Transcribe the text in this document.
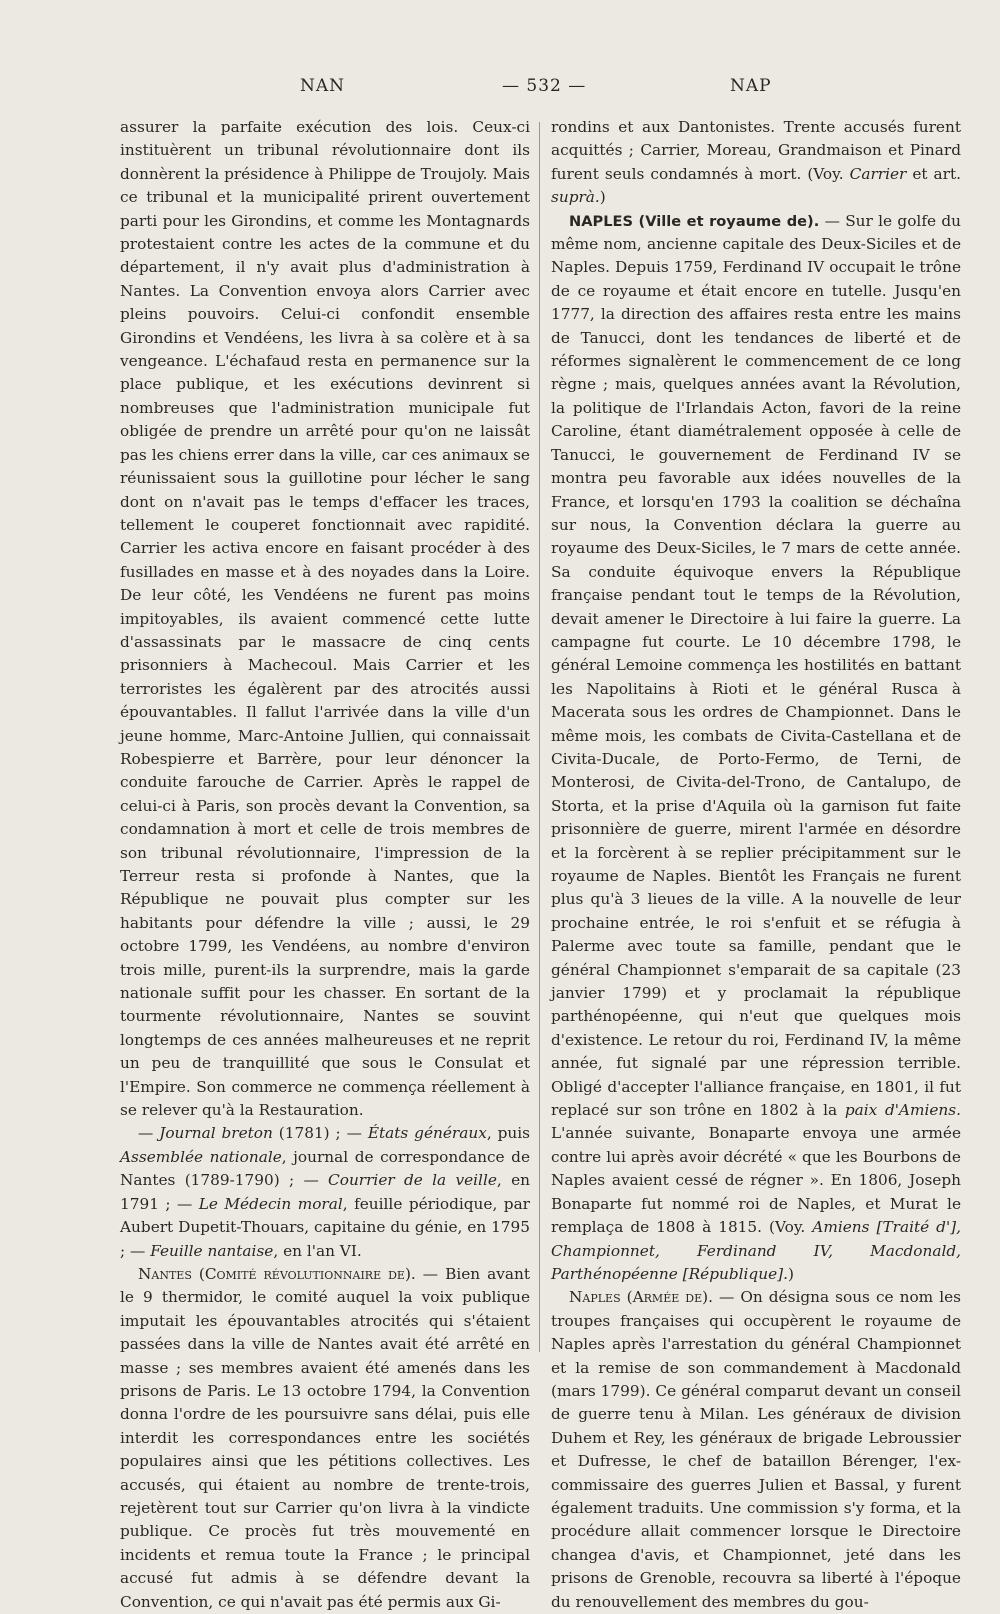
NAN	— 532 —	NAP

assurer la parfaite exécution des lois. Ceux-ci instituèrent un tribunal révolutionnaire dont ils donnèrent la présidence à Philippe de Troujoly. Mais ce tribunal et la municipalité prirent ouvertement parti pour les Girondins, et comme les Montagnards protestaient contre les actes de la commune et du département, il n'y avait plus d'administration à Nantes. La Convention envoya alors Carrier avec pleins pouvoirs. Celui-ci confondit ensemble Girondins et Vendéens, les livra à sa colère et à sa vengeance. L'échafaud resta en permanence sur la place publique, et les exécutions devinrent si nombreuses que l'administration municipale fut obligée de prendre un arrêté pour qu'on ne laissât pas les chiens errer dans la ville, car ces animaux se réunissaient sous la guillotine pour lécher le sang dont on n'avait pas le temps d'effacer les traces, tellement le couperet fonctionnait avec rapidité. Carrier les activa encore en faisant procéder à des fusillades en masse et à des noyades dans la Loire. De leur côté, les Vendéens ne furent pas moins impitoyables, ils avaient commencé cette lutte d'assassinats par le massacre de cinq cents prisonniers à Machecoul. Mais Carrier et les terroristes les égalèrent par des atrocités aussi épouvantables. Il fallut l'arrivée dans la ville d'un jeune homme, Marc-Antoine Jullien, qui connaissait Robespierre et Barrère, pour leur dénoncer la conduite farouche de Carrier. Après le rappel de celui-ci à Paris, son procès devant la Convention, sa condamnation à mort et celle de trois membres de son tribunal révolutionnaire, l'impression de la Terreur resta si profonde à Nantes, que la République ne pouvait plus compter sur les habitants pour défendre la ville ; aussi, le 29 octobre 1799, les Vendéens, au nombre d'environ trois mille, purent-ils la surprendre, mais la garde nationale suffit pour les chasser. En sortant de la tourmente révolutionnaire, Nantes se souvint longtemps de ces années malheureuses et ne reprit un peu de tranquillité que sous le Consulat et l'Empire. Son commerce ne commença réellement à se relever qu'à la Restauration.

— Journal breton (1781) ; — États généraux, puis Assemblée nationale, journal de correspondance de Nantes (1789-1790) ; — Courrier de la veille, en 1791 ; — Le Médecin moral, feuille périodique, par Aubert Dupetit-Thouars, capitaine du génie, en 1795 ; — Feuille nantaise, en l'an VI.

Nantes (Comité révolutionnaire de). — Bien avant le 9 thermidor, le comité auquel la voix publique imputait les épouvantables atrocités qui s'étaient passées dans la ville de Nantes avait été arrêté en masse ; ses membres avaient été amenés dans les prisons de Paris. Le 13 octobre 1794, la Convention donna l'ordre de les poursuivre sans délai, puis elle interdit les correspondances entre les sociétés populaires ainsi que les pétitions collectives. Les accusés, qui étaient au nombre de trente-trois, rejetèrent tout sur Carrier qu'on livra à la vindicte publique. Ce procès fut très mouvementé en incidents et remua toute la France ; le principal accusé fut admis à se défendre devant la Convention, ce qui n'avait pas été permis aux Gi-

rondins et aux Dantonistes. Trente accusés furent acquittés ; Carrier, Moreau, Grandmaison et Pinard furent seuls condamnés à mort. (Voy. Carrier et art. suprà.)

NAPLES (Ville et royaume de). — Sur le golfe du même nom, ancienne capitale des Deux-Siciles et de Naples. Depuis 1759, Ferdinand IV occupait le trône de ce royaume et était encore en tutelle. Jusqu'en 1777, la direction des affaires resta entre les mains de Tanucci, dont les tendances de liberté et de réformes signalèrent le commencement de ce long règne ; mais, quelques années avant la Révolution, la politique de l'Irlandais Acton, favori de la reine Caroline, étant diamétralement opposée à celle de Tanucci, le gouvernement de Ferdinand IV se montra peu favorable aux idées nouvelles de la France, et lorsqu'en 1793 la coalition se déchaîna sur nous, la Convention déclara la guerre au royaume des Deux-Siciles, le 7 mars de cette année. Sa conduite équivoque envers la République française pendant tout le temps de la Révolution, devait amener le Directoire à lui faire la guerre. La campagne fut courte. Le 10 décembre 1798, le général Lemoine commença les hostilités en battant les Napolitains à Rioti et le général Rusca à Macerata sous les ordres de Championnet. Dans le même mois, les combats de Civita-Castellana et de Civita-Ducale, de Porto-Fermo, de Terni, de Monterosi, de Civita-del-Trono, de Cantalupo, de Storta, et la prise d'Aquila où la garnison fut faite prisonnière de guerre, mirent l'armée en désordre et la forcèrent à se replier précipitamment sur le royaume de Naples. Bientôt les Français ne furent plus qu'à 3 lieues de la ville. A la nouvelle de leur prochaine entrée, le roi s'enfuit et se réfugia à Palerme avec toute sa famille, pendant que le général Championnet s'emparait de sa capitale (23 janvier 1799) et y proclamait la république parthénopéenne, qui n'eut que quelques mois d'existence. Le retour du roi, Ferdinand IV, la même année, fut signalé par une répression terrible. Obligé d'accepter l'alliance française, en 1801, il fut replacé sur son trône en 1802 à la paix d'Amiens. L'année suivante, Bonaparte envoya une armée contre lui après avoir décrété « que les Bourbons de Naples avaient cessé de régner ». En 1806, Joseph Bonaparte fut nommé roi de Naples, et Murat le remplaça de 1808 à 1815. (Voy. Amiens [Traité d'], Championnet, Ferdinand IV, Macdonald, Parthénopéenne [République].)

Naples (Armée de). — On désigna sous ce nom les troupes françaises qui occupèrent le royaume de Naples après l'arrestation du général Championnet et la remise de son commandement à Macdonald (mars 1799). Ce général comparut devant un conseil de guerre tenu à Milan. Les généraux de division Duhem et Rey, les généraux de brigade Lebroussier et Dufresse, le chef de bataillon Bérenger, l'ex-commissaire des guerres Julien et Bassal, y furent également traduits. Une commission s'y forma, et la procédure allait commencer lorsque le Directoire changea d'avis, et Championnet, jeté dans les prisons de Grenoble, recouvra sa liberté à l'époque du renouvellement des membres du gou-
